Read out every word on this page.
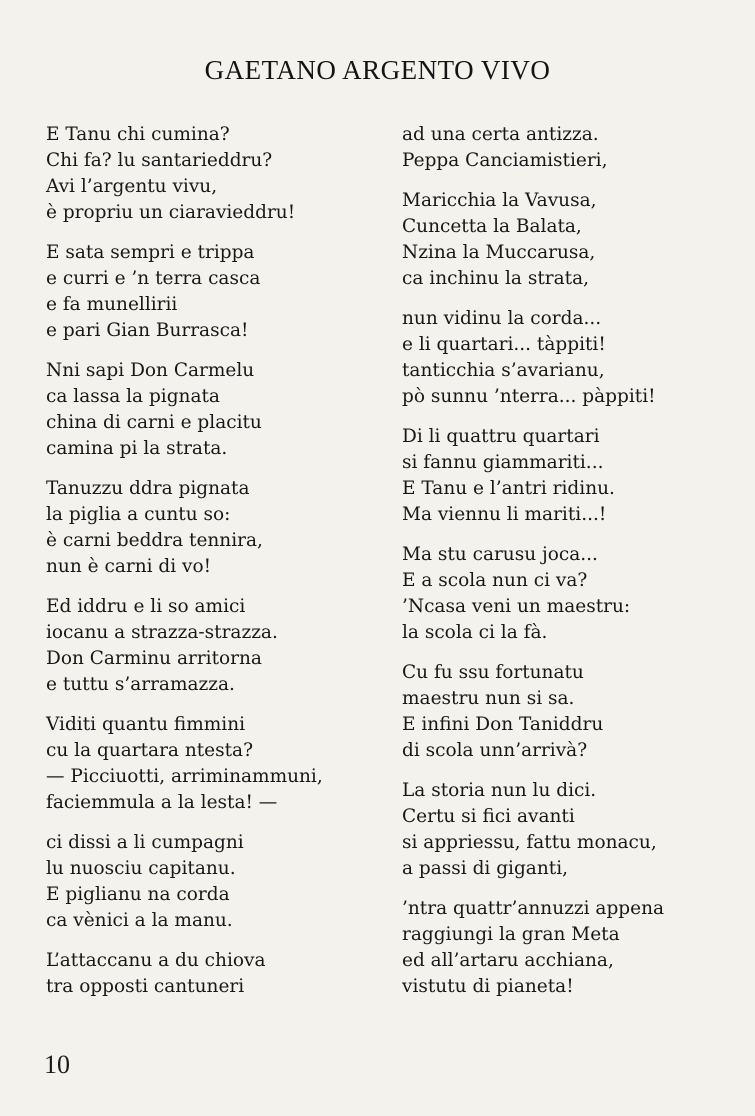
GAETANO ARGENTO VIVO
E Tanu chi cumina?
Chi fa? lu santarieddru?
Avi l’argentu vivu,
è propriu un ciaravieddru!
E sata sempri e trippa
e curri e ’n terra casca
e fa munellirii
e pari Gian Burrasca!
Nni sapi Don Carmelu
ca lassa la pignata
china di carni e placitu
camina pi la strata.
Tanuzzu ddra pignata
la piglia a cuntu so:
è carni beddra tennira,
nun è carni di vo!
Ed iddru e li so amici
iocanu a strazza-strazza.
Don Carminu arritorna
e tuttu s’arramazza.
Viditi quantu fimmini
cu la quartara ntesta?
— Picciuotti, arriminammuni,
faciemmula a la lesta! —
ci dissi a li cumpagni
lu nuosciu capitanu.
E piglianu na corda
ca vènici a la manu.
L’attaccanu a du chiova
tra opposti cantuneri
ad una certa antizza.
Peppa Canciamistieri,
Maricchia la Vavusa,
Cuncetta la Balata,
Nzina la Muccarusa,
ca inchinu la strata,
nun vidinu la corda...
e li quartari... tàppiti!
tanticchia s’avarianu,
pò sunnu ’nterra... pàppiti!
Di li quattru quartari
si fannu giammariti...
E Tanu e l’antri ridinu.
Ma viennu li mariti...!
Ma stu carusu joca...
E a scola nun ci va?
’Ncasa veni un maestru:
la scola ci la fà.
Cu fu ssu fortunatu
maestru nun si sa.
E infini Don Taniddru
di scola unn’arrivà?
La storia nun lu dici.
Certu si fici avanti
si appriessu, fattu monacu,
a passi di giganti,
’ntra quattr’annuzzi appena
raggiungi la gran Meta
ed all’artaru acchiana,
vistutu di pianeta!
10
